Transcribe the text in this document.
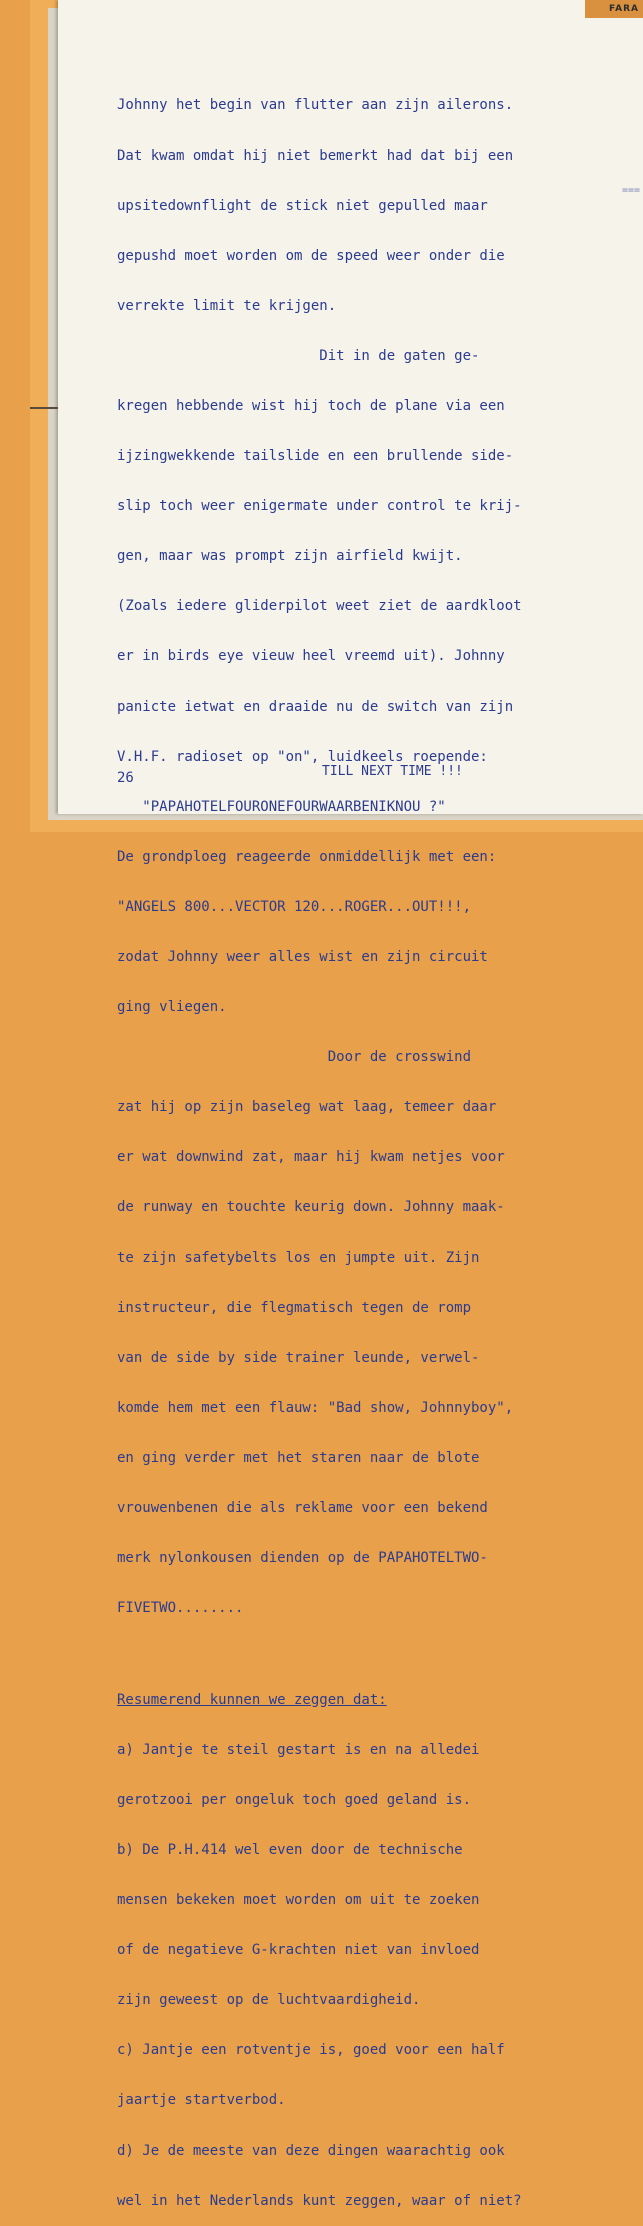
FARA
===

Johnny het begin van flutter aan zijn ailerons.

Dat kwam omdat hij niet bemerkt had dat bij een

upsitedownflight de stick niet gepulled maar

gepushd moet worden om de speed weer onder die

verrekte limit te krijgen.

Dit in de gaten ge-

kregen hebbende wist hij toch de plane via een

ijzingwekkende tailslide en een brullende side-

slip toch weer enigermate under control te krij-

gen, maar was prompt zijn airfield kwijt.

(Zoals iedere gliderpilot weet ziet de aardkloot

er in birds eye vieuw heel vreemd uit). Johnny

panicte ietwat en draaide nu de switch van zijn

V.H.F. radioset op "on", luidkeels roepende:

"PAPAHOTELFOURONEFOURWAARBENIKNOU ?"

De grondploeg reageerde onmiddellijk met een:

"ANGELS 800...VECTOR 120...ROGER...OUT!!!,

zodat Johnny weer alles wist en zijn circuit

ging vliegen.

Door de crosswind

zat hij op zijn baseleg wat laag, temeer daar

er wat downwind zat, maar hij kwam netjes voor

de runway en touchte keurig down. Johnny maak-

te zijn safetybelts los en jumpte uit. Zijn

instructeur, die flegmatisch tegen de romp

van de side by side trainer leunde, verwel-

komde hem met een flauw: "Bad show, Johnnyboy",

en ging verder met het staren naar de blote

vrouwenbenen die als reklame voor een bekend

merk nylonkousen dienden op de PAPAHOTELTWO-

FIVETWO........

Resumerend kunnen we zeggen dat:

a) Jantje te steil gestart is en na alledei

gerotzooi per ongeluk toch goed geland is.

b) De P.H.414 wel even door de technische

mensen bekeken moet worden om uit te zoeken

of de negatieve G-krachten niet van invloed

zijn geweest op de luchtvaardigheid.

c) Jantje een rotventje is, goed voor een half

jaartje startverbod.

d) Je de meeste van deze dingen waarachtig ook

wel in het Nederlands kunt zeggen, waar of niet?

26	TILL NEXT TIME !!!
